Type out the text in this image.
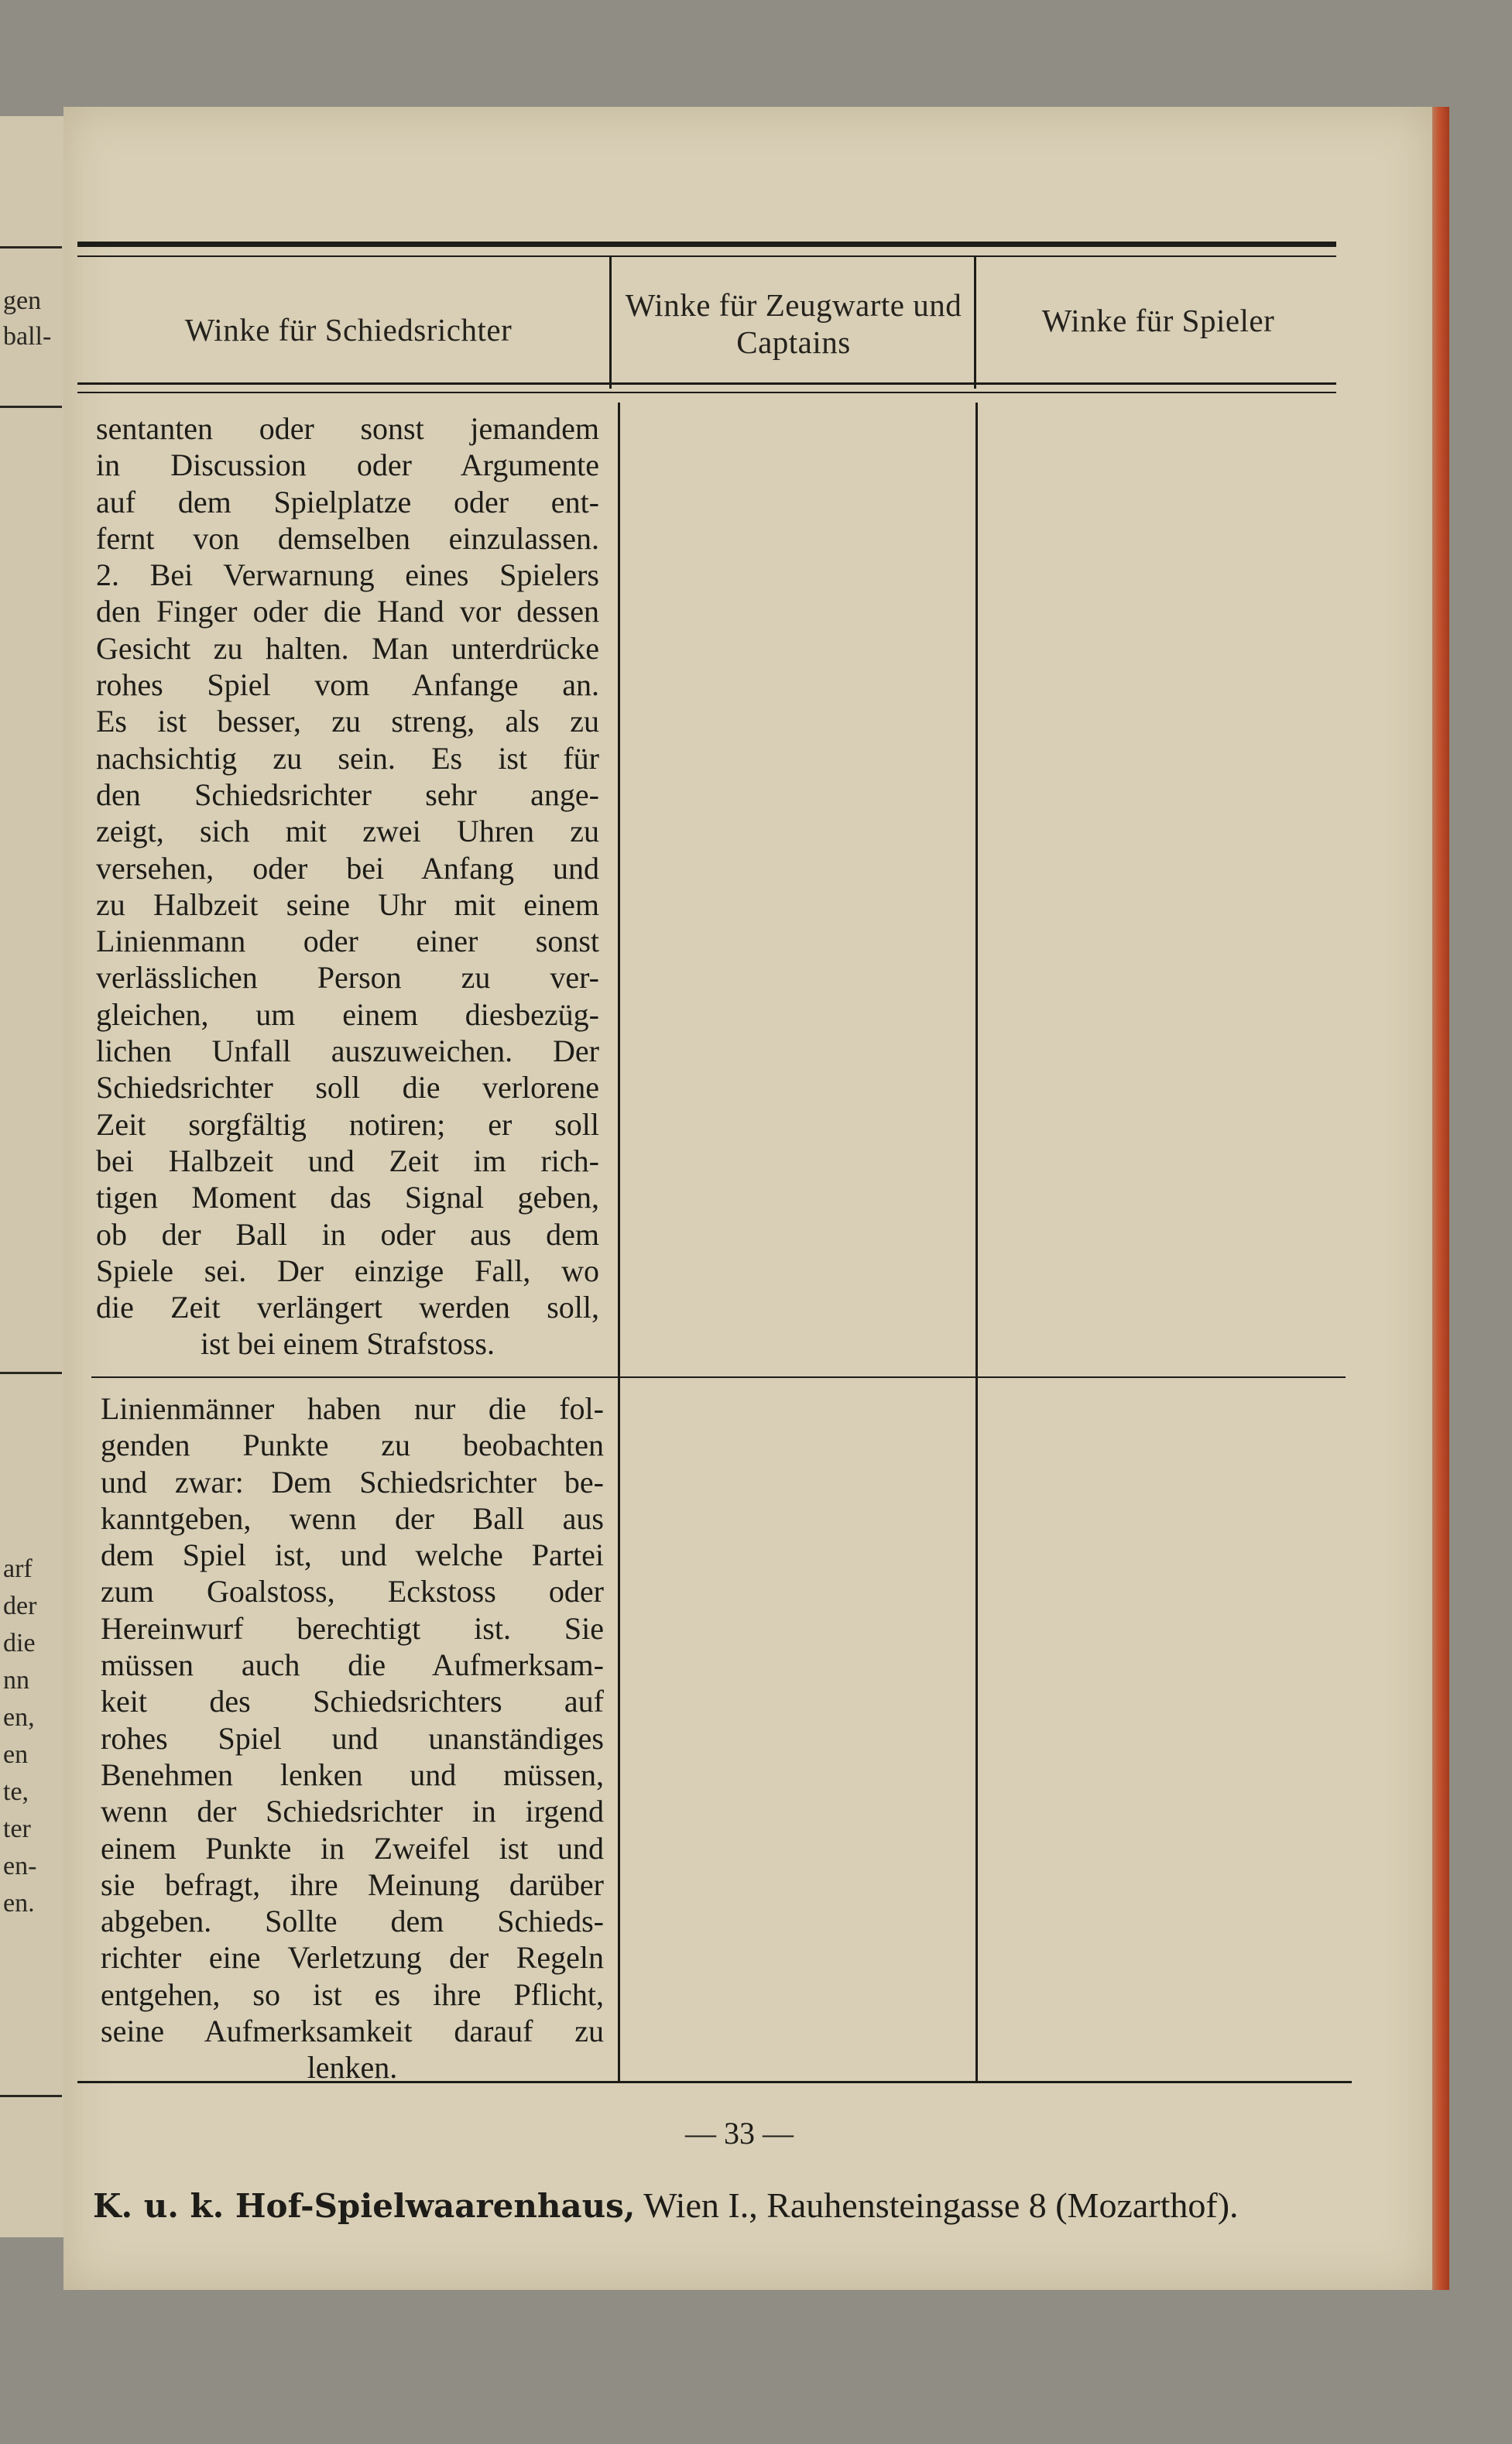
gen
ball-
arf
der
die
nn
en,
en
te,
ter
en-
en.
Winke für Schiedsrichter
Winke für Zeugwarte und Captains
Winke für Spieler
sentanten oder sonst jemandem
in Discussion oder Argumente
auf dem Spielplatze oder ent-
fernt von demselben einzulassen.
2. Bei Verwarnung eines Spielers
den Finger oder die Hand vor dessen
Gesicht zu halten. Man unterdrücke
rohes Spiel vom Anfange an.
Es ist besser, zu streng, als zu
nachsichtig zu sein. Es ist für
den Schiedsrichter sehr ange-
zeigt, sich mit zwei Uhren zu
versehen, oder bei Anfang und
zu Halbzeit seine Uhr mit einem
Linienmann oder einer sonst
verlässlichen Person zu ver-
gleichen, um einem diesbezüg-
lichen Unfall auszuweichen. Der
Schiedsrichter soll die verlorene
Zeit sorgfältig notiren; er soll
bei Halbzeit und Zeit im rich-
tigen Moment das Signal geben,
ob der Ball in oder aus dem
Spiele sei. Der einzige Fall, wo
die Zeit verlängert werden soll,
ist bei einem Strafstoss.
Linienmänner haben nur die fol-
genden Punkte zu beobachten
und zwar: Dem Schiedsrichter be-
kanntgeben, wenn der Ball aus
dem Spiel ist, und welche Partei
zum Goalstoss, Eckstoss oder
Hereinwurf berechtigt ist. Sie
müssen auch die Aufmerksam-
keit des Schiedsrichters auf
rohes Spiel und unanständiges
Benehmen lenken und müssen,
wenn der Schiedsrichter in irgend
einem Punkte in Zweifel ist und
sie befragt, ihre Meinung darüber
abgeben. Sollte dem Schieds-
richter eine Verletzung der Regeln
entgehen, so ist es ihre Pflicht,
seine Aufmerksamkeit darauf zu
lenken.
— 33 —
K. u. k. Hof-Spielwaarenhaus, Wien I., Rauhensteingasse 8 (Mozarthof).
